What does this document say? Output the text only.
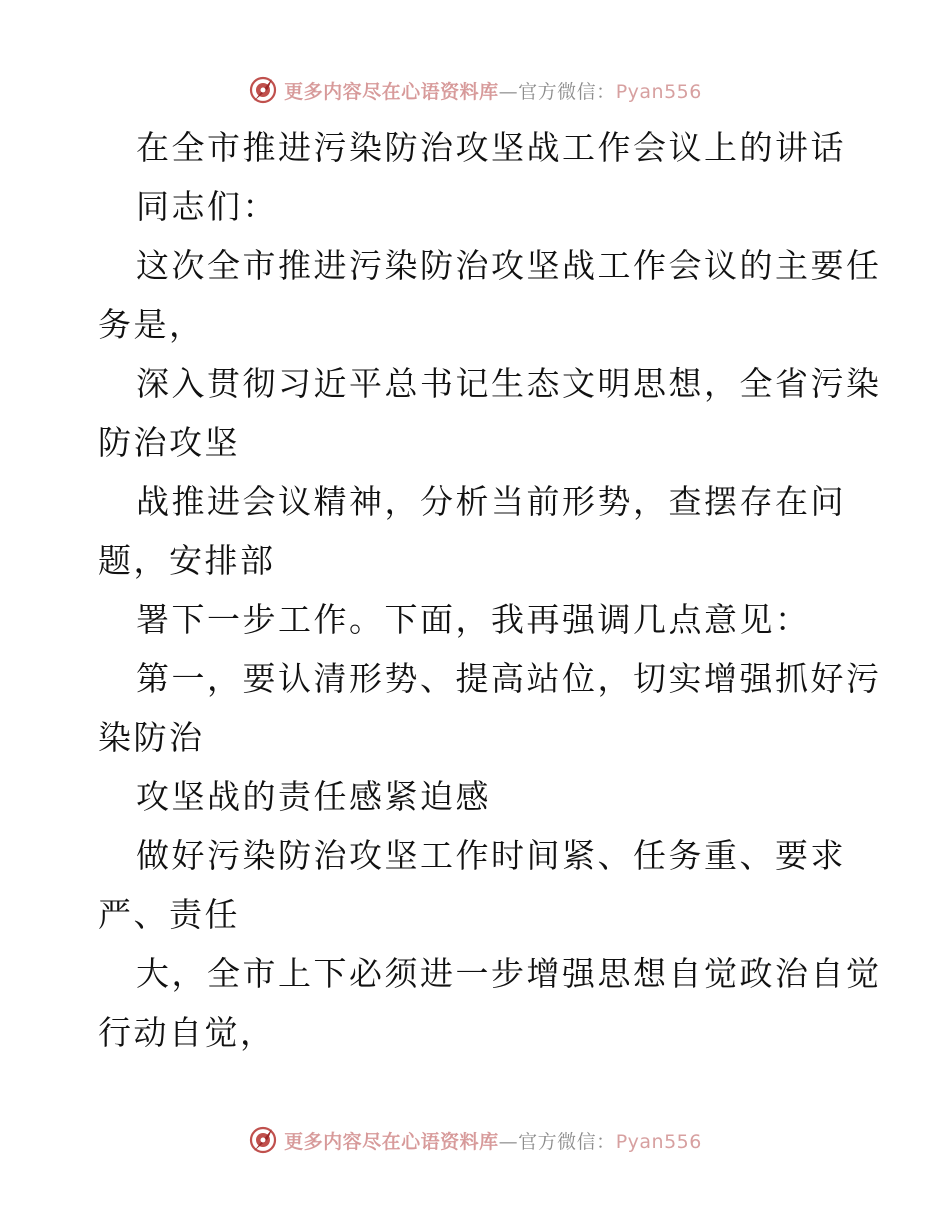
更多内容尽在心语资料库—官方微信：Pyan556
在全市推进污染防治攻坚战工作会议上的讲话
同志们：
这次全市推进污染防治攻坚战工作会议的主要任
务是，
深入贯彻习近平总书记生态文明思想，全省污染
防治攻坚
战推进会议精神，分析当前形势，查摆存在问
题，安排部
署下一步工作。下面，我再强调几点意见：
第一，要认清形势、提高站位，切实增强抓好污
染防治
攻坚战的责任感紧迫感
做好污染防治攻坚工作时间紧、任务重、要求
严、责任
大，全市上下必须进一步增强思想自觉政治自觉
行动自觉，
更多内容尽在心语资料库—官方微信：Pyan556
